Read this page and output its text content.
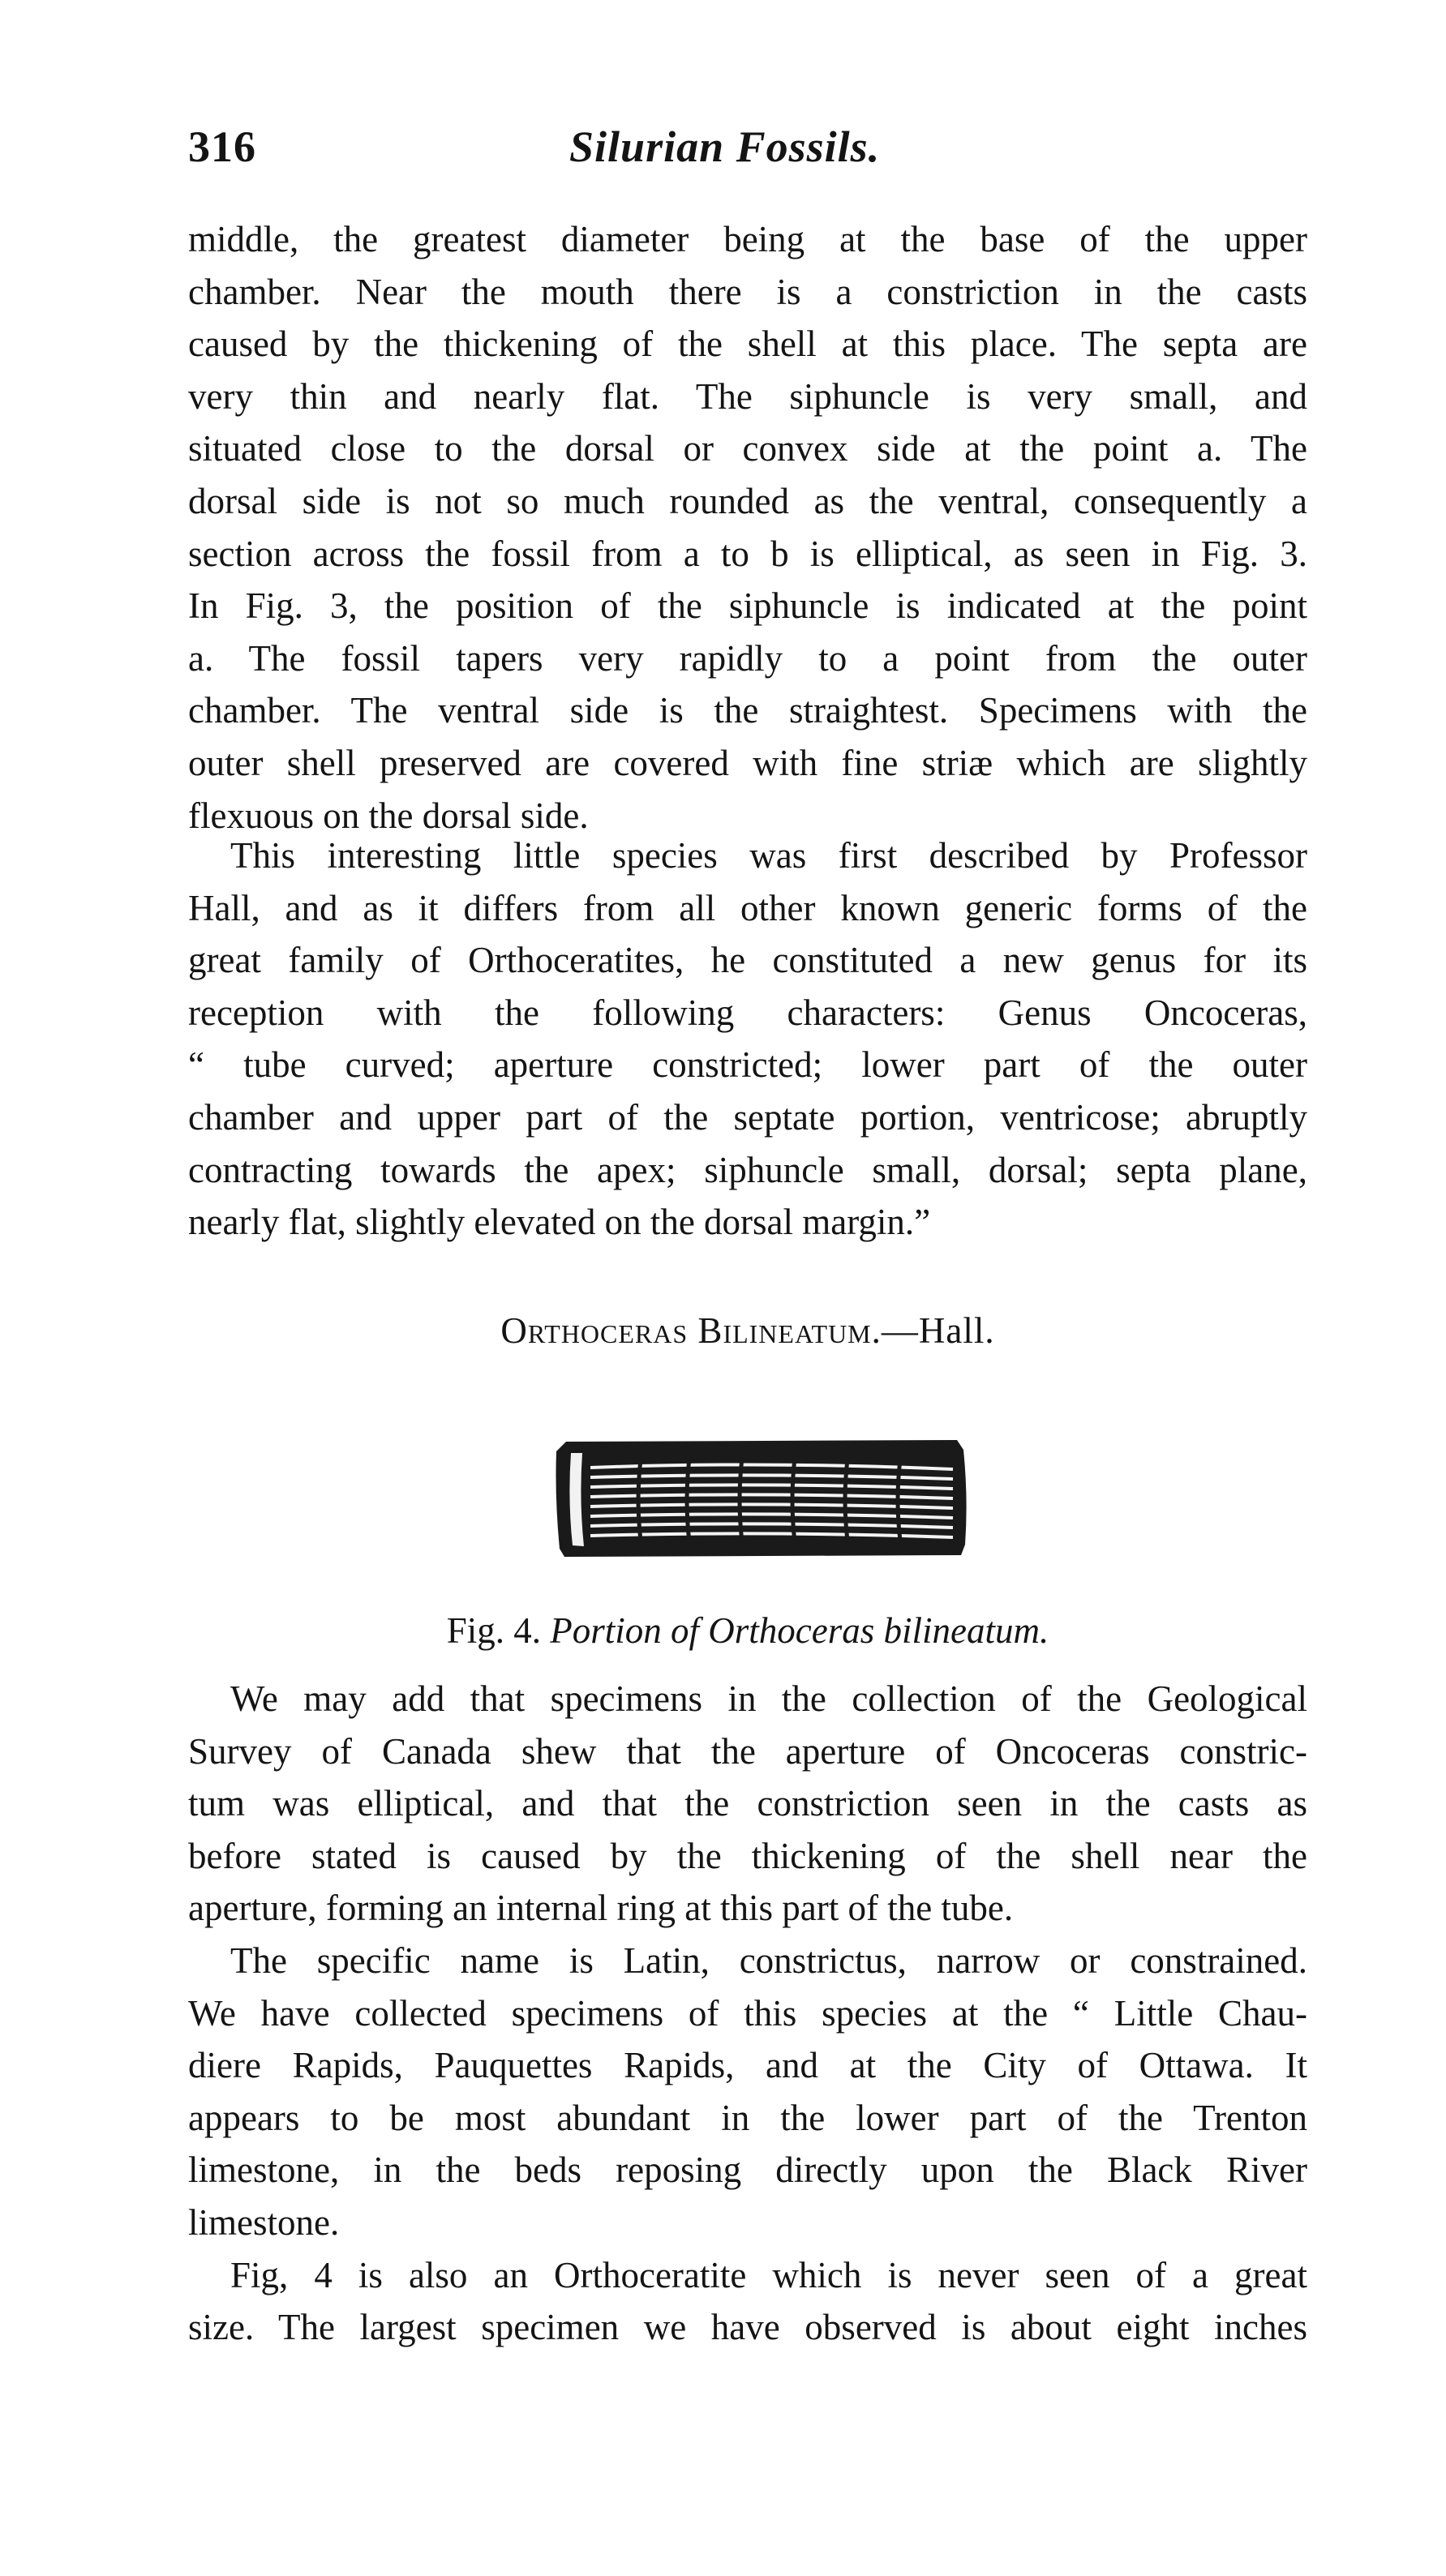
316	Silurian Fossils.

middle, the greatest diameter being at the base of the upper
chamber. Near the mouth there is a constriction in the casts
caused by the thickening of the shell at this place. The septa are
very thin and nearly flat. The siphuncle is very small, and
situated close to the dorsal or convex side at the point a. The
dorsal side is not so much rounded as the ventral, consequently a
section across the fossil from a to b is elliptical, as seen in Fig. 3.
In Fig. 3, the position of the siphuncle is indicated at the point
a. The fossil tapers very rapidly to a point from the outer
chamber. The ventral side is the straightest. Specimens with the
outer shell preserved are covered with fine striæ which are slightly
flexuous on the dorsal side.

This interesting little species was first described by Professor
Hall, and as it differs from all other known generic forms of the
great family of Orthoceratites, he constituted a new genus for its
reception with the following characters: Genus Oncoceras,
“ tube curved; aperture constricted; lower part of the outer
chamber and upper part of the septate portion, ventricose; abruptly
contracting towards the apex; siphuncle small, dorsal; septa plane,
nearly flat, slightly elevated on the dorsal margin.”

Orthoceras Bilineatum.—Hall.
Fig. 4. Portion of Orthoceras bilineatum.

We may add that specimens in the collection of the Geological
Survey of Canada shew that the aperture of Oncoceras constric-
tum was elliptical, and that the constriction seen in the casts as
before stated is caused by the thickening of the shell near the
aperture, forming an internal ring at this part of the tube.

The specific name is Latin, constrictus, narrow or constrained.
We have collected specimens of this species at the “ Little Chau-
diere Rapids, Pauquettes Rapids, and at the City of Ottawa. It
appears to be most abundant in the lower part of the Trenton
limestone, in the beds reposing directly upon the Black River
limestone.

Fig, 4 is also an Orthoceratite which is never seen of a great
size. The largest specimen we have observed is about eight inches
